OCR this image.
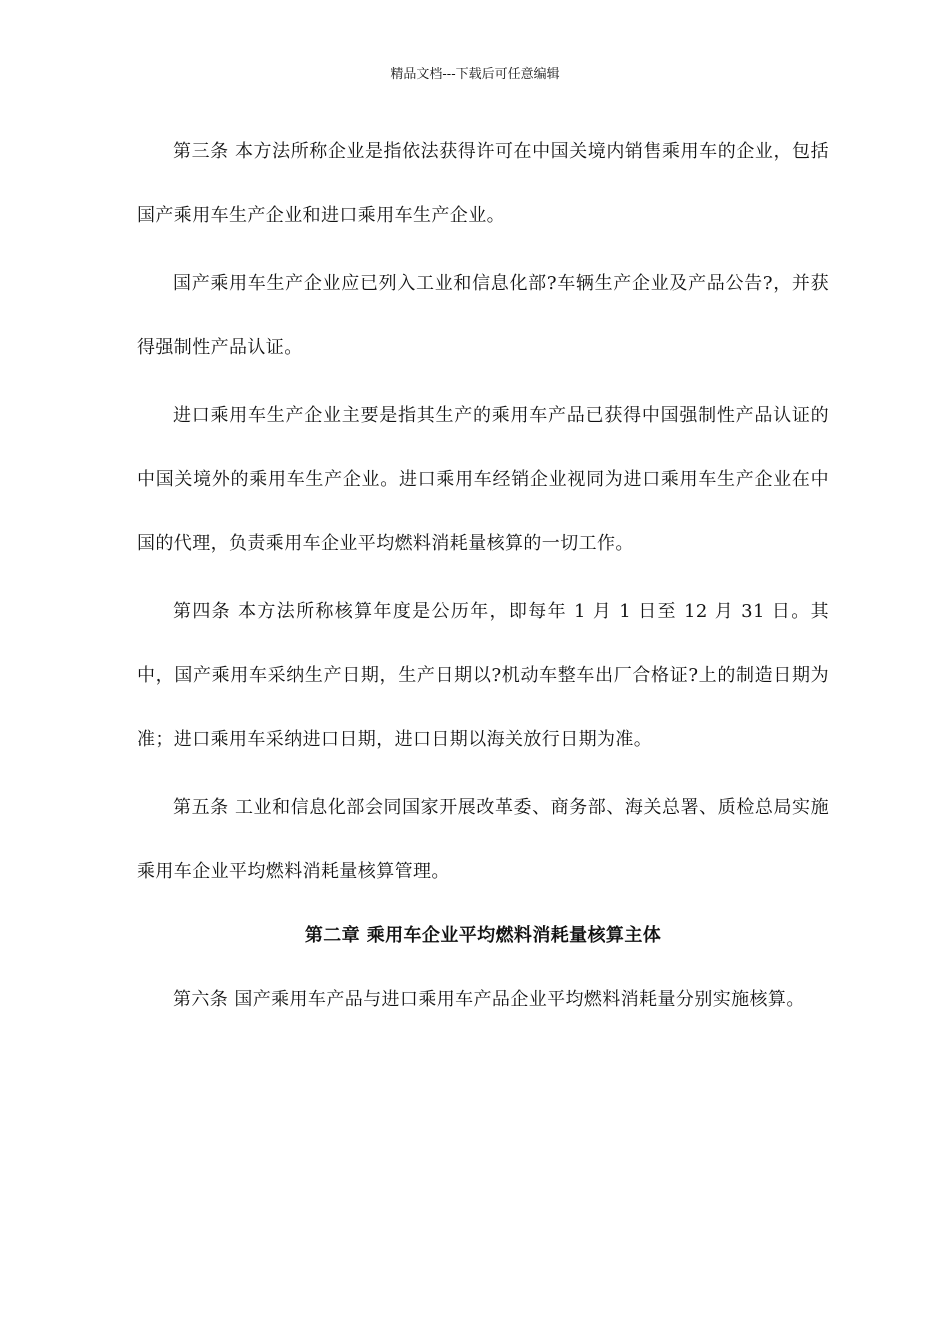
精品文档---下载后可任意编辑

第三条 本方法所称企业是指依法获得许可在中国关境内销售乘用车的企业，包括国产乘用车生产企业和进口乘用车生产企业。

国产乘用车生产企业应已列入工业和信息化部?车辆生产企业及产品公告?，并获得强制性产品认证。

进口乘用车生产企业主要是指其生产的乘用车产品已获得中国强制性产品认证的中国关境外的乘用车生产企业。进口乘用车经销企业视同为进口乘用车生产企业在中国的代理，负责乘用车企业平均燃料消耗量核算的一切工作。

第四条 本方法所称核算年度是公历年，即每年 1 月 1 日至 12 月 31 日。其中，国产乘用车采纳生产日期，生产日期以?机动车整车出厂合格证?上的制造日期为准；进口乘用车采纳进口日期，进口日期以海关放行日期为准。

第五条 工业和信息化部会同国家开展改革委、商务部、海关总署、质检总局实施乘用车企业平均燃料消耗量核算管理。

第二章 乘用车企业平均燃料消耗量核算主体

第六条 国产乘用车产品与进口乘用车产品企业平均燃料消耗量分别实施核算。
